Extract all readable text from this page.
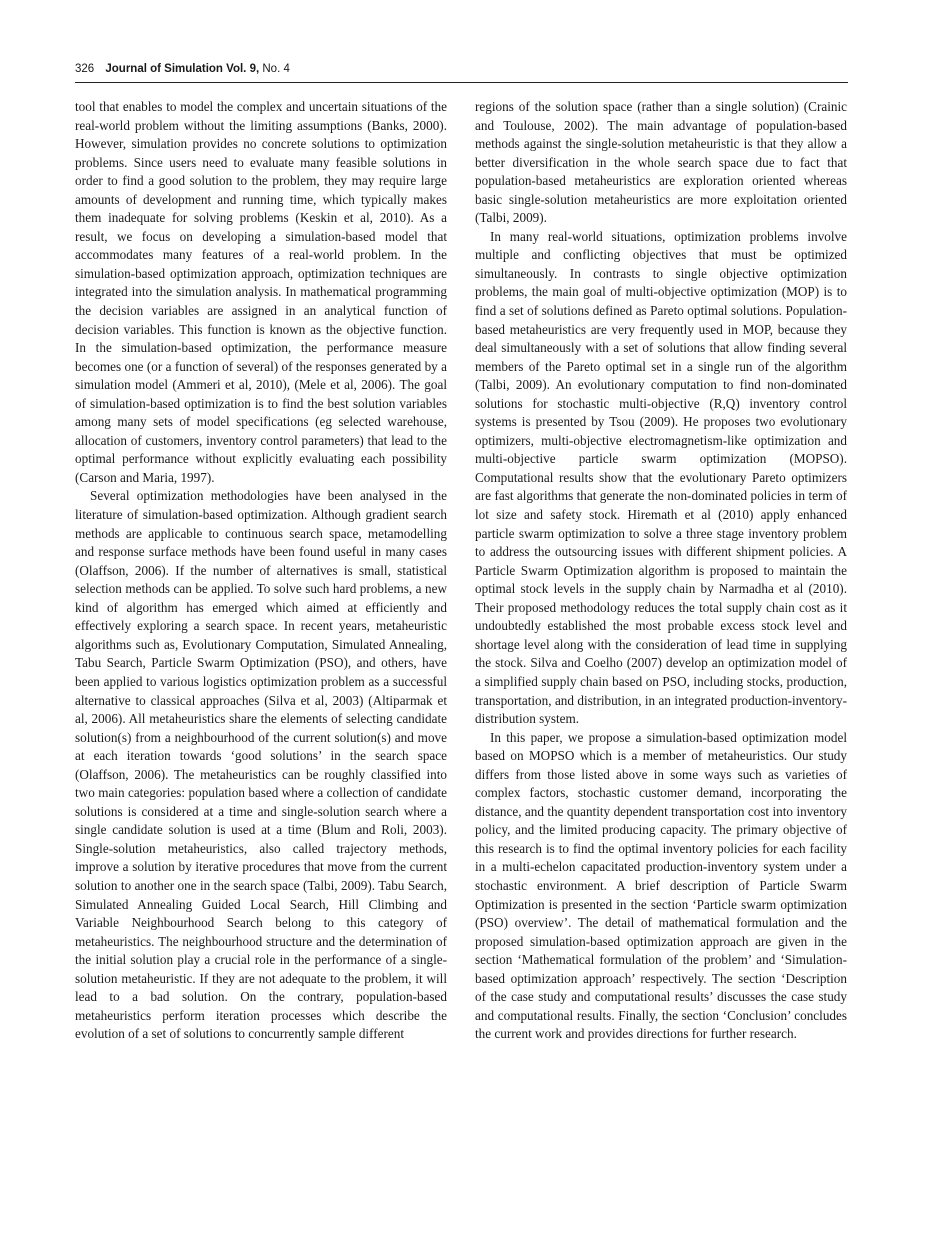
326 Journal of Simulation Vol. 9, No. 4

tool that enables to model the complex and uncertain situations of the real-world problem without the limiting assumptions (Banks, 2000). However, simulation provides no concrete solutions to optimization problems. Since users need to evaluate many feasible solutions in order to find a good solution to the problem, they may require large amounts of development and running time, which typically makes them inadequate for solving problems (Keskin et al, 2010). As a result, we focus on developing a simulation-based model that accommodates many features of a real-world problem. In the simulation-based optimization approach, optimization techniques are integrated into the simulation analysis. In mathematical programming the decision variables are assigned in an analytical function of decision variables. This function is known as the objective function. In the simulation-based optimization, the performance measure becomes one (or a function of several) of the responses generated by a simulation model (Ammeri et al, 2010), (Mele et al, 2006). The goal of simulation-based optimization is to find the best solution variables among many sets of model specifications (eg selected warehouse, allocation of customers, inventory control parameters) that lead to the optimal performance without explicitly evaluating each possibility (Carson and Maria, 1997).

Several optimization methodologies have been analysed in the literature of simulation-based optimization. Although gradient search methods are applicable to continuous search space, metamodelling and response surface methods have been found useful in many cases (Olaffson, 2006). If the number of alternatives is small, statistical selection methods can be applied. To solve such hard problems, a new kind of algorithm has emerged which aimed at efficiently and effectively exploring a search space. In recent years, metaheuristic algorithms such as, Evolutionary Computation, Simulated Annealing, Tabu Search, Particle Swarm Optimization (PSO), and others, have been applied to various logistics optimization problem as a successful alternative to classical approaches (Silva et al, 2003) (Altiparmak et al, 2006). All metaheuristics share the elements of selecting candidate solution(s) from a neighbourhood of the current solution(s) and move at each iteration towards ‘good solutions’ in the search space (Olaffson, 2006). The metaheuristics can be roughly classified into two main categories: population based where a collection of candidate solutions is considered at a time and single-solution search where a single candidate solution is used at a time (Blum and Roli, 2003). Single-solution metaheuristics, also called trajectory methods, improve a solution by iterative procedures that move from the current solution to another one in the search space (Talbi, 2009). Tabu Search, Simulated Annealing Guided Local Search, Hill Climbing and Variable Neighbourhood Search belong to this category of metaheuristics. The neighbourhood structure and the determination of the initial solution play a crucial role in the performance of a single-solution metaheuristic. If they are not adequate to the problem, it will lead to a bad solution. On the contrary, population-based metaheuristics perform iteration processes which describe the evolution of a set of solutions to concurrently sample different

regions of the solution space (rather than a single solution) (Crainic and Toulouse, 2002). The main advantage of population-based methods against the single-solution metaheuristic is that they allow a better diversification in the whole search space due to fact that population-based metaheuristics are exploration oriented whereas basic single-solution metaheuristics are more exploitation oriented (Talbi, 2009).

In many real-world situations, optimization problems involve multiple and conflicting objectives that must be optimized simultaneously. In contrasts to single objective optimization problems, the main goal of multi-objective optimization (MOP) is to find a set of solutions defined as Pareto optimal solutions. Population-based metaheuristics are very frequently used in MOP, because they deal simultaneously with a set of solutions that allow finding several members of the Pareto optimal set in a single run of the algorithm (Talbi, 2009). An evolutionary computation to find non-dominated solutions for stochastic multi-objective (R,Q) inventory control systems is presented by Tsou (2009). He proposes two evolutionary optimizers, multi-objective electromagnetism-like optimization and multi-objective particle swarm optimization (MOPSO). Computational results show that the evolutionary Pareto optimizers are fast algorithms that generate the non-dominated policies in term of lot size and safety stock. Hiremath et al (2010) apply enhanced particle swarm optimization to solve a three stage inventory problem to address the outsourcing issues with different shipment policies. A Particle Swarm Optimization algorithm is proposed to maintain the optimal stock levels in the supply chain by Narmadha et al (2010). Their proposed methodology reduces the total supply chain cost as it undoubtedly established the most probable excess stock level and shortage level along with the consideration of lead time in supplying the stock. Silva and Coelho (2007) develop an optimization model of a simplified supply chain based on PSO, including stocks, production, transportation, and distribution, in an integrated production-inventory-distribution system.

In this paper, we propose a simulation-based optimization model based on MOPSO which is a member of metaheuristics. Our study differs from those listed above in some ways such as varieties of complex factors, stochastic customer demand, incorporating the distance, and the quantity dependent transportation cost into inventory policy, and the limited producing capacity. The primary objective of this research is to find the optimal inventory policies for each facility in a multi-echelon capacitated production-inventory system under a stochastic environment. A brief description of Particle Swarm Optimization is presented in the section ‘Particle swarm optimization (PSO) overview’. The detail of mathematical formulation and the proposed simulation-based optimization approach are given in the section ‘Mathematical formulation of the problem’ and ‘Simulation-based optimization approach’ respectively. The section ‘Description of the case study and computational results’ discusses the case study and computational results. Finally, the section ‘Conclusion’ concludes the current work and provides directions for further research.
